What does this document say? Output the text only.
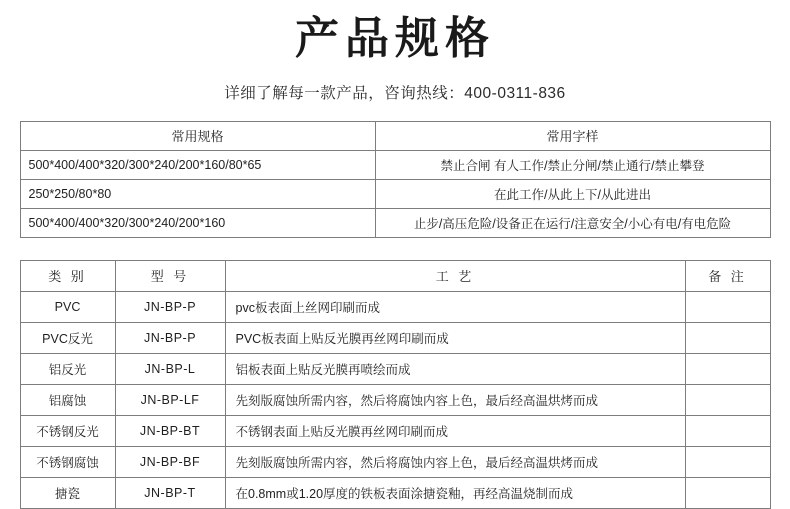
产品规格
详细了解每一款产品，咨询热线：400-0311-836
常用规格	常用字样
500*400/400*320/300*240/200*160/80*65	禁止合闸 有人工作/禁止分闸/禁止通行/禁止攀登
250*250/80*80	在此工作/从此上下/从此进出
500*400/400*320/300*240/200*160	止步/高压危险/设备正在运行/注意安全/小心有电/有电危险
类 别	型 号	工 艺	备 注
PVC	JN-BP-P	pvc板表面上丝网印刷而成	
PVC反光	JN-BP-P	PVC板表面上贴反光膜再丝网印刷而成	
铝反光	JN-BP-L	铝板表面上贴反光膜再喷绘而成	
铝腐蚀	JN-BP-LF	先刻版腐蚀所需内容，然后将腐蚀内容上色，最后经高温烘烤而成	
不锈钢反光	JN-BP-BT	不锈钢表面上贴反光膜再丝网印刷而成	
不锈钢腐蚀	JN-BP-BF	先刻版腐蚀所需内容，然后将腐蚀内容上色，最后经高温烘烤而成	
搪瓷	JN-BP-T	在0.8mm或1.20厚度的铁板表面涂搪瓷釉，再经高温烧制而成	
